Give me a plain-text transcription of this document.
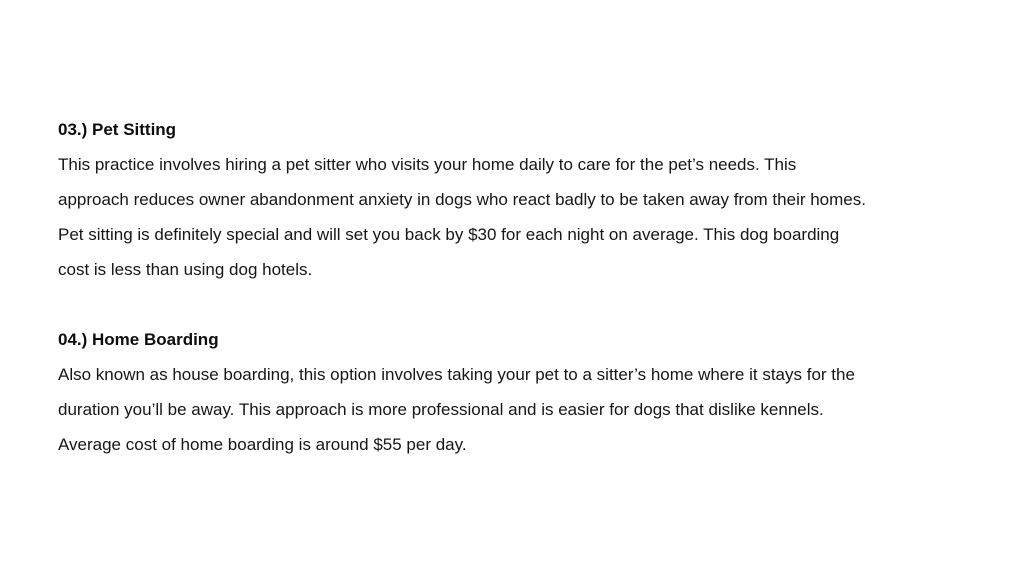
03.) Pet Sitting

This practice involves hiring a pet sitter who visits your home daily to care for the pet’s needs. This
approach reduces owner abandonment anxiety in dogs who react badly to be taken away from their homes.
Pet sitting is definitely special and will set you back by $30 for each night on average. This dog boarding
cost is less than using dog hotels.

04.) Home Boarding

Also known as house boarding, this option involves taking your pet to a sitter’s home where it stays for the
duration you’ll be away. This approach is more professional and is easier for dogs that dislike kennels.
Average cost of home boarding is around $55 per day.
